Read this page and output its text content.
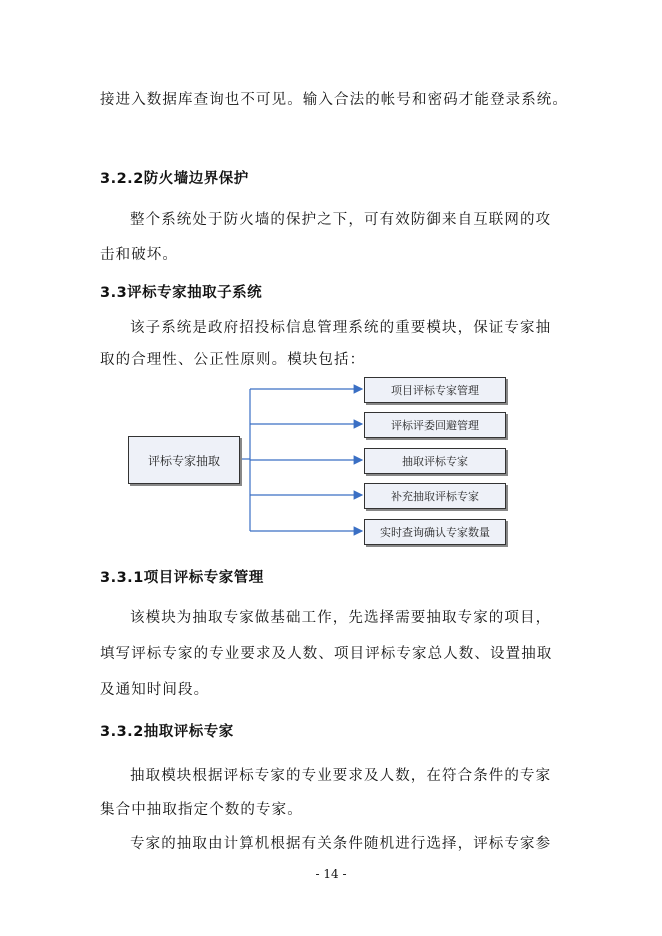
接进入数据库查询也不可见。输入合法的帐号和密码才能登录系统。
3.2.2防火墙边界保护
整个系统处于防火墙的保护之下，可有效防御来自互联网的攻
击和破坏。
3.3评标专家抽取子系统
该子系统是政府招投标信息管理系统的重要模块，保证专家抽
取的合理性、公正性原则。模块包括：
评标专家抽取
项目评标专家管理
评标评委回避管理
抽取评标专家
补充抽取评标专家
实时查询确认专家数量
3.3.1项目评标专家管理
该模块为抽取专家做基础工作，先选择需要抽取专家的项目，
填写评标专家的专业要求及人数、项目评标专家总人数、设置抽取
及通知时间段。
3.3.2抽取评标专家
抽取模块根据评标专家的专业要求及人数，在符合条件的专家
集合中抽取指定个数的专家。
专家的抽取由计算机根据有关条件随机进行选择，评标专家参
- 14 -
